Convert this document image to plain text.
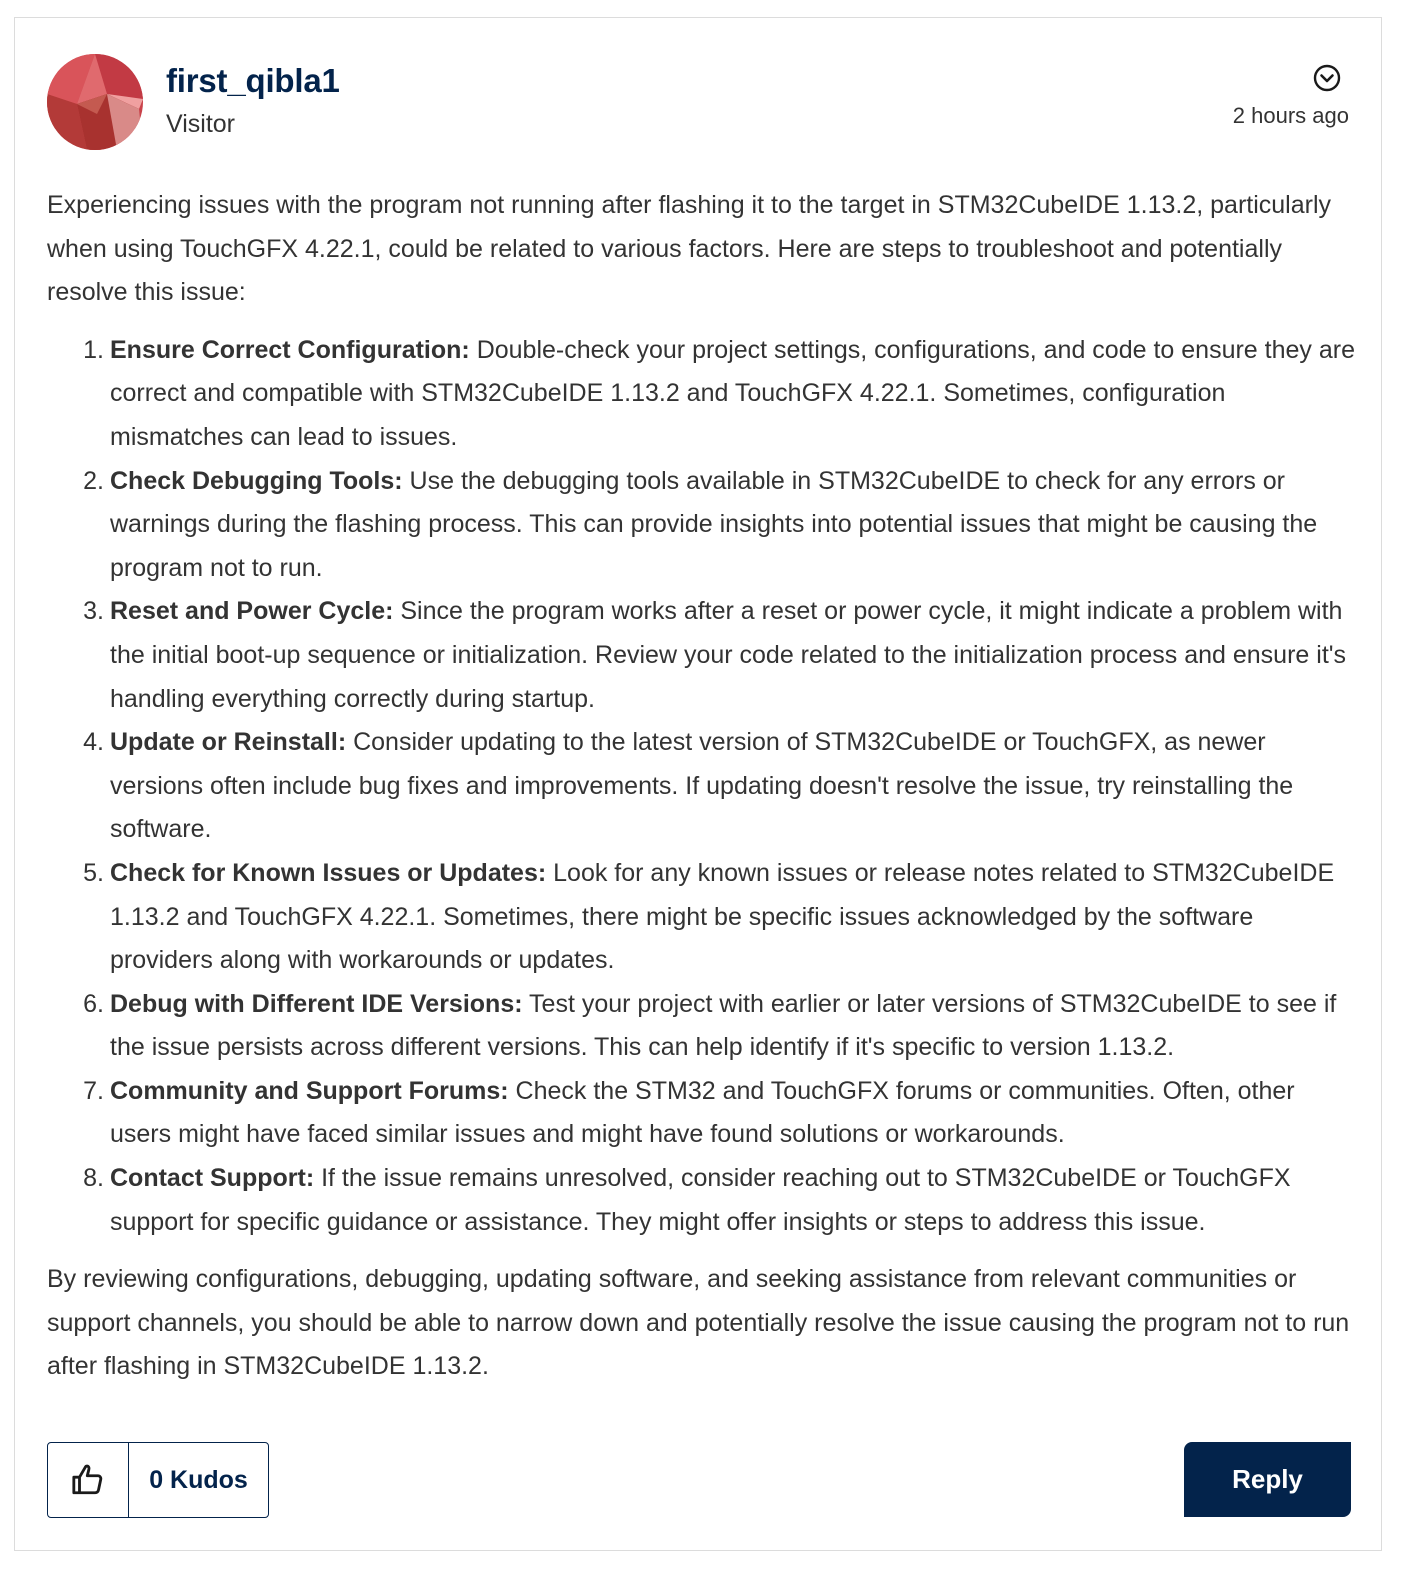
first_qibla1
Visitor	2 hours ago

Experiencing issues with the program not running after flashing it to the target in STM32CubeIDE 1.13.2, particularly when using TouchGFX 4.22.1, could be related to various factors. Here are steps to troubleshoot and potentially resolve this issue:

Ensure Correct Configuration: Double-check your project settings, configurations, and code to ensure they are correct and compatible with STM32CubeIDE 1.13.2 and TouchGFX 4.22.1. Sometimes, configuration mismatches can lead to issues.
Check Debugging Tools: Use the debugging tools available in STM32CubeIDE to check for any errors or warnings during the flashing process. This can provide insights into potential issues that might be causing the program not to run.
Reset and Power Cycle: Since the program works after a reset or power cycle, it might indicate a problem with the initial boot-up sequence or initialization. Review your code related to the initialization process and ensure it's handling everything correctly during startup.
Update or Reinstall: Consider updating to the latest version of STM32CubeIDE or TouchGFX, as newer versions often include bug fixes and improvements. If updating doesn't resolve the issue, try reinstalling the software.
Check for Known Issues or Updates: Look for any known issues or release notes related to STM32CubeIDE 1.13.2 and TouchGFX 4.22.1. Sometimes, there might be specific issues acknowledged by the software providers along with workarounds or updates.
Debug with Different IDE Versions: Test your project with earlier or later versions of STM32CubeIDE to see if the issue persists across different versions. This can help identify if it's specific to version 1.13.2.
Community and Support Forums: Check the STM32 and TouchGFX forums or communities. Often, other users might have faced similar issues and might have found solutions or workarounds.
Contact Support: If the issue remains unresolved, consider reaching out to STM32CubeIDE or TouchGFX support for specific guidance or assistance. They might offer insights or steps to address this issue.

By reviewing configurations, debugging, updating software, and seeking assistance from relevant communities or support channels, you should be able to narrow down and potentially resolve the issue causing the program not to run after flashing in STM32CubeIDE 1.13.2.

0 Kudos	Reply
